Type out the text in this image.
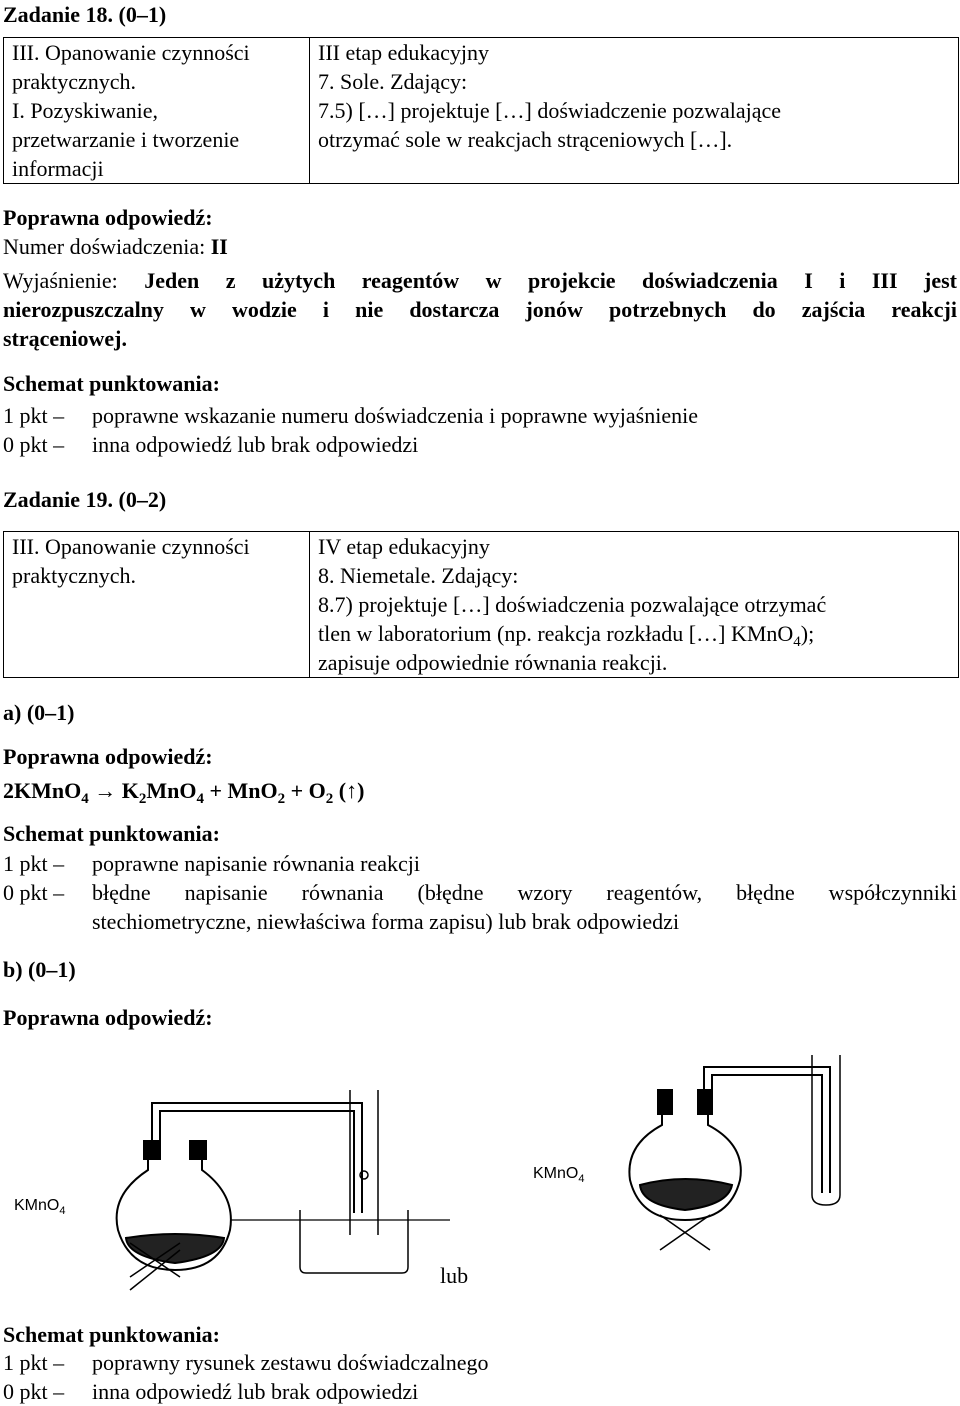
Zadanie 18. (0–1)
III. Opanowanie czynności
praktycznych.
I. Pozyskiwanie,
przetwarzanie i tworzenie
informacji

III etap edukacyjny
7. Sole. Zdający:
7.5) […] projektuje […] doświadczenie pozwalające
otrzymać sole w reakcjach strąceniowych […].
Poprawna odpowiedź:
Numer doświadczenia: II
Wyjaśnienie: Jeden z użytych reagentów w projekcie doświadczenia I i III jest
nierozpuszczalny w wodzie i nie dostarcza jonów potrzebnych do zajścia reakcji
strąceniowej.
Schemat punktowania:
1 pkt – poprawne wskazanie numeru doświadczenia i poprawne wyjaśnienie
0 pkt – inna odpowiedź lub brak odpowiedzi
Zadanie 19. (0–2)
III. Opanowanie czynności
praktycznych.

IV etap edukacyjny
8. Niemetale. Zdający:
8.7) projektuje […] doświadczenia pozwalające otrzymać
tlen w laboratorium (np. reakcja rozkładu […] KMnO$_4$);
zapisuje odpowiednie równania reakcji.
a) (0–1)
Poprawna odpowiedź:
2KMnO$_4$ → $K_2MnO_4 + MnO_2 + O_2$ (↑)
Schemat punktowania:
1 pkt – poprawne napisanie równania reakcji
0 pkt –	błędne napisanie równania (błędne wzory reagentów, błędne współczynniki
stechiometryczne, niewłaściwa forma zapisu) lub brak odpowiedzi
b) (0–1)
Poprawna odpowiedź:
KMnO$_4$
KMnO$_4$
lub
Schemat punktowania:
1 pkt – poprawny rysunek zestawu doświadczalnego
0 pkt – inna odpowiedź lub brak odpowiedzi
